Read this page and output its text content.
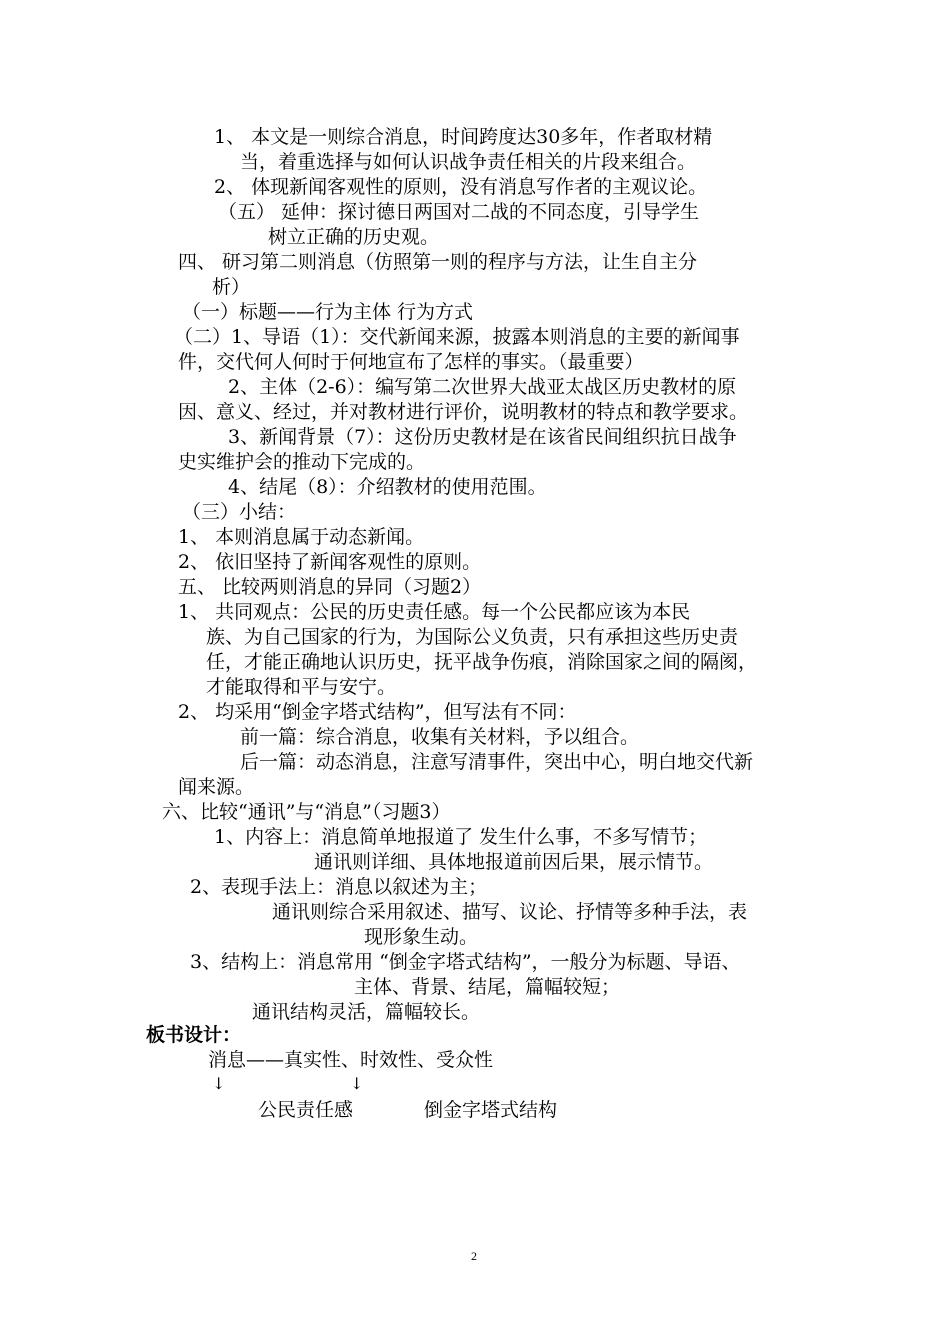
1、 本文是一则综合消息，时间跨度达30多年，作者取材精
当，着重选择与如何认识战争责任相关的片段来组合。
2、 体现新闻客观性的原则，没有消息写作者的主观议论。
（五） 延伸：探讨德日两国对二战的不同态度，引导学生
树立正确的历史观。
四、 研习第二则消息（仿照第一则的程序与方法，让生自主分
析）
（一）标题——行为主体 行为方式
（二）1、导语（1）：交代新闻来源，披露本则消息的主要的新闻事
件，交代何人何时于何地宣布了怎样的事实。（最重要）
2、主体（2-6）：编写第二次世界大战亚太战区历史教材的原
因、意义、经过，并对教材进行评价，说明教材的特点和教学要求。
3、新闻背景（7）：这份历史教材是在该省民间组织抗日战争
史实维护会的推动下完成的。
4、结尾（8）：介绍教材的使用范围。
（三）小结：
1、 本则消息属于动态新闻。
2、 依旧坚持了新闻客观性的原则。
五、 比较两则消息的异同（习题2）
1、 共同观点：公民的历史责任感。每一个公民都应该为本民
族、为自己国家的行为，为国际公义负责，只有承担这些历史责
任，才能正确地认识历史，抚平战争伤痕，消除国家之间的隔阂，
才能取得和平与安宁。
2、 均采用“倒金字塔式结构”，但写法有不同：
前一篇：综合消息，收集有关材料，予以组合。
后一篇：动态消息，注意写清事件，突出中心，明白地交代新
闻来源。
六、比较“通讯”与“消息”（习题3）
1、内容上：消息简单地报道了 发生什么事，不多写情节；
通讯则详细、具体地报道前因后果，展示情节。
2、表现手法上：消息以叙述为主；
通讯则综合采用叙述、描写、议论、抒情等多种手法，表
现形象生动。
3、结构上：消息常用 “倒金字塔式结构”，一般分为标题、导语、
主体、背景、结尾，篇幅较短；
通讯结构灵活，篇幅较长。
板书设计：
消息——真实性、时效性、受众性
↓	↓
公民责任感	倒金字塔式结构
2
